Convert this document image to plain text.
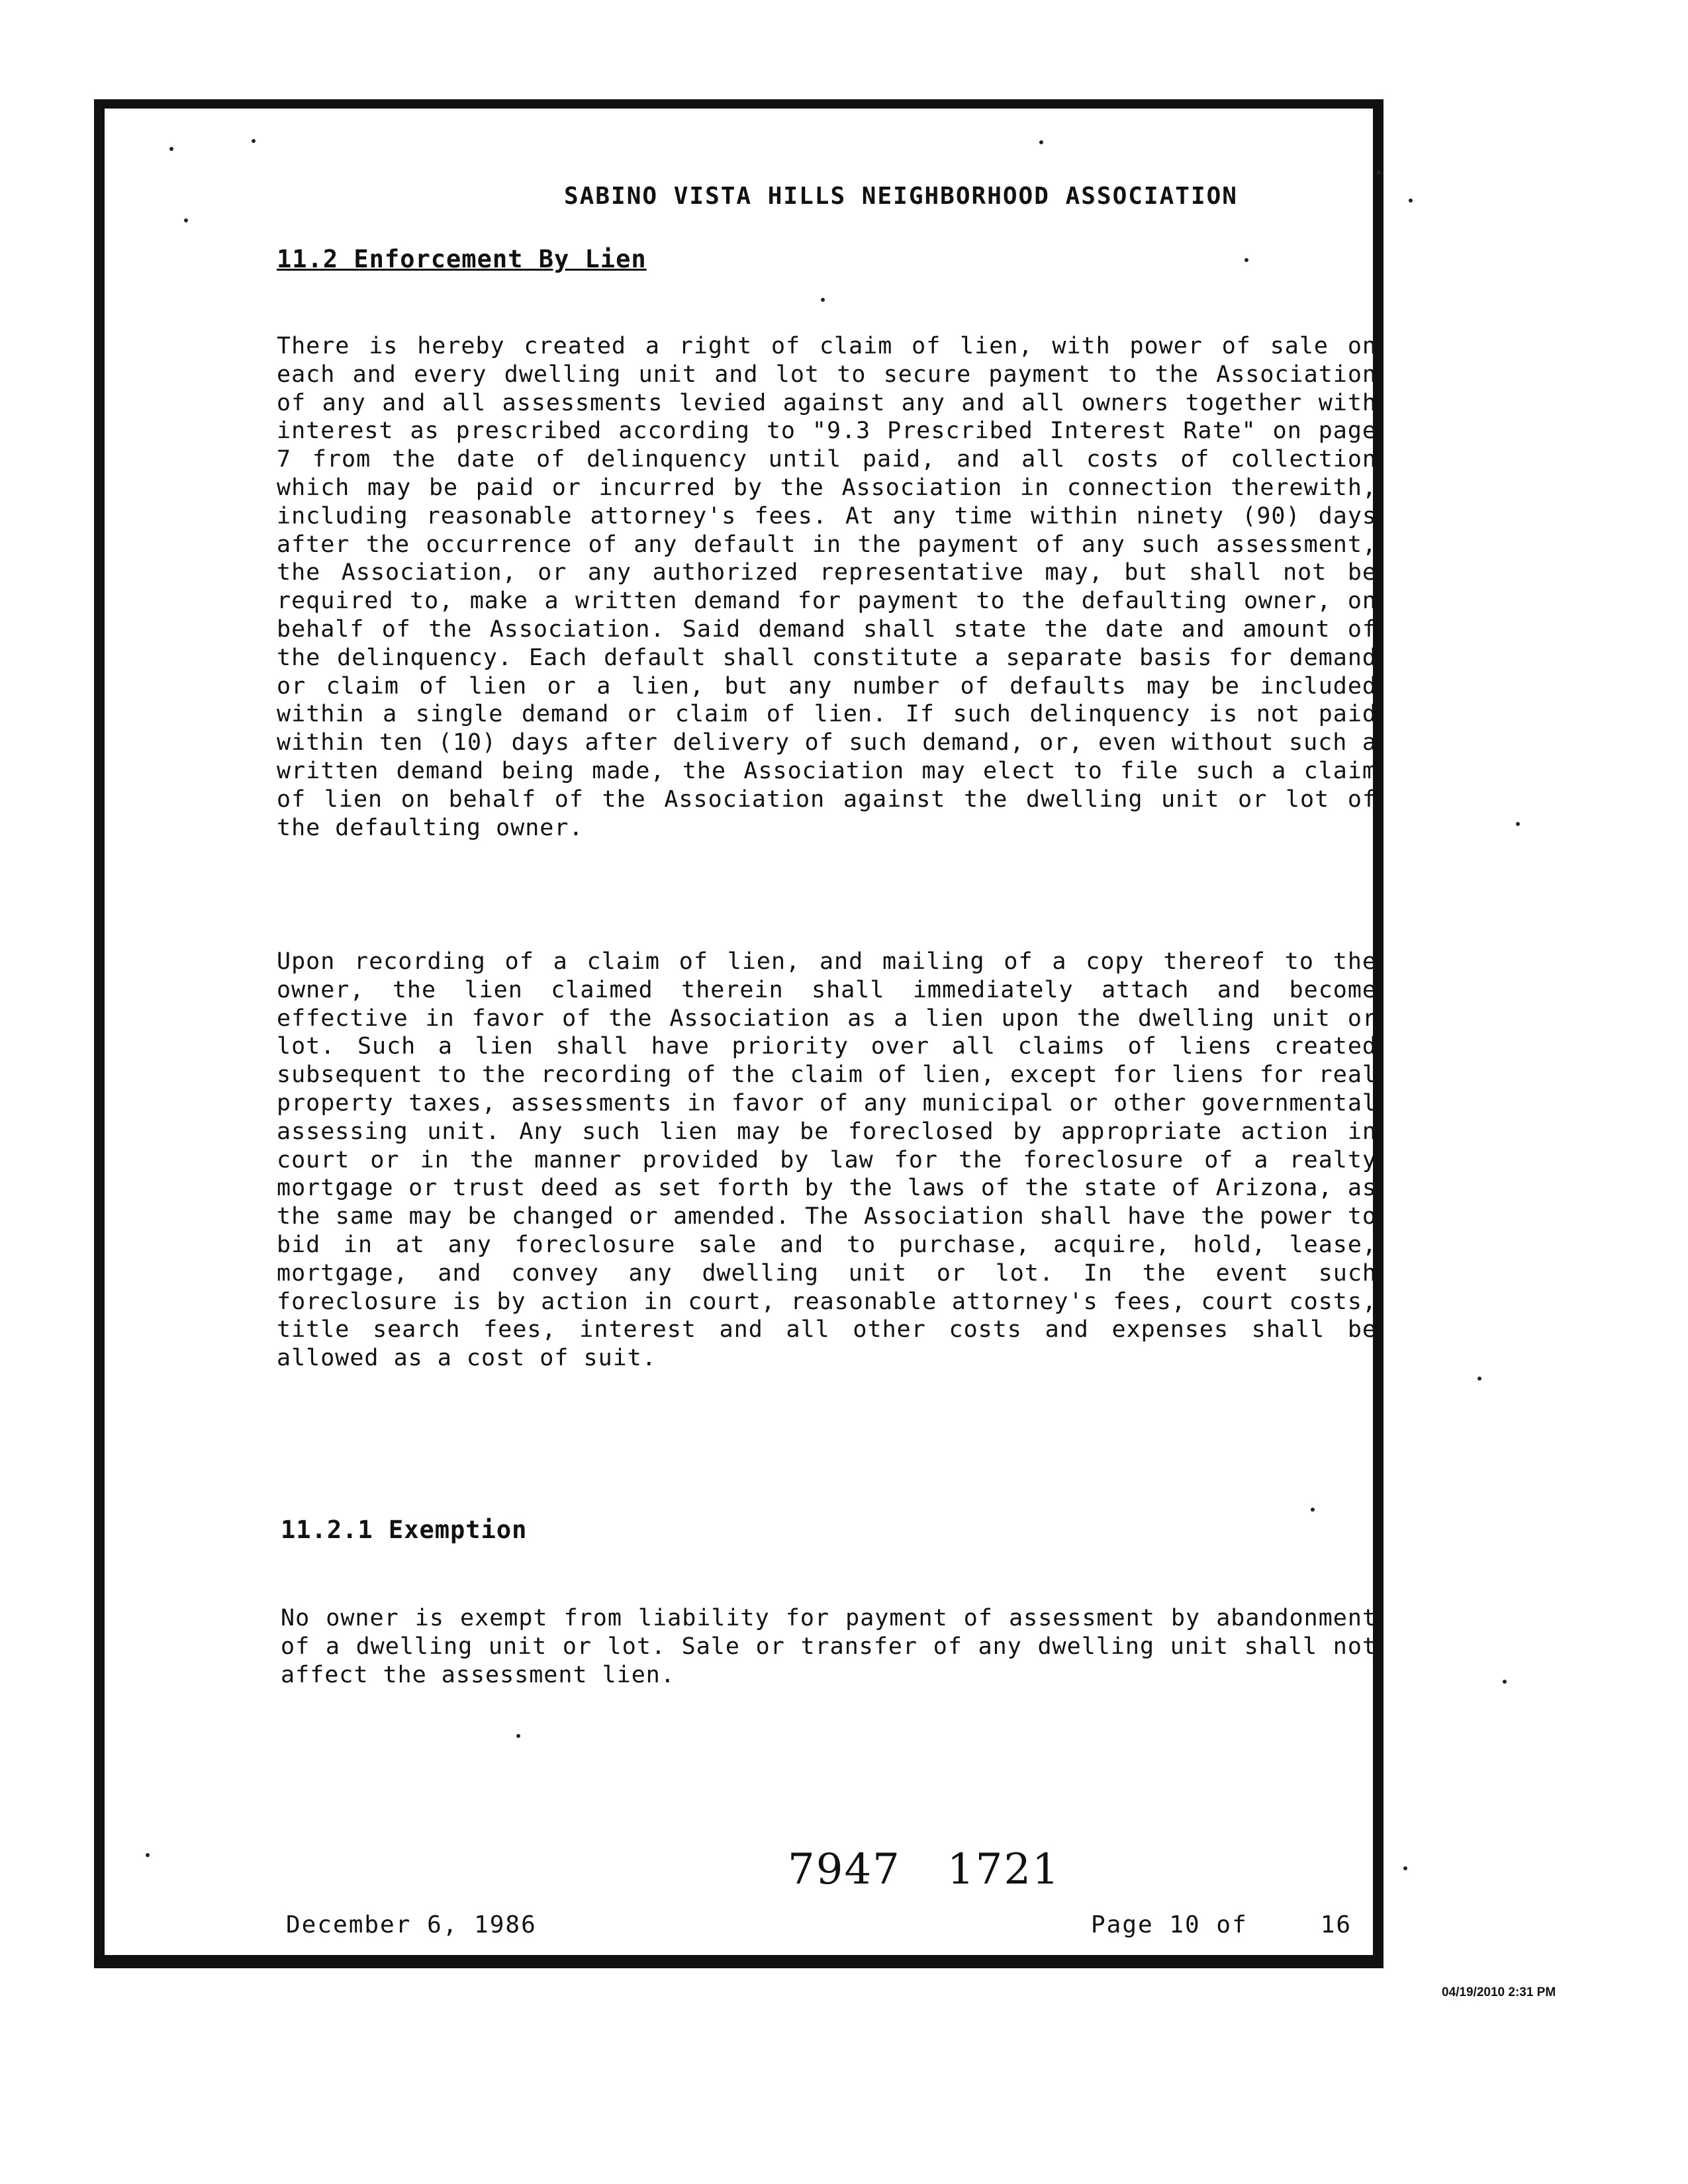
SABINO VISTA HILLS NEIGHBORHOOD ASSOCIATION
11.2 Enforcement By Lien
There is hereby created a right of claim of lien, with power of sale on each and every dwelling unit and lot to secure payment to the Association of any and all assessments levied against any and all owners together with interest as prescribed according to "9.3 Prescribed Interest Rate" on page 7 from the date of delinquency until paid, and all costs of collection which may be paid or incurred by the Association in connection therewith, including reasonable attorney's fees. At any time within ninety (90) days after the occurrence of any default in the payment of any such assessment, the Association, or any authorized representative may, but shall not be required to, make a written demand for payment to the defaulting owner, on behalf of the Association. Said demand shall state the date and amount of the delinquency. Each default shall constitute a separate basis for demand or claim of lien or a lien, but any number of defaults may be included within a single demand or claim of lien. If such delinquency is not paid within ten (10) days after delivery of such demand, or, even without such a written demand being made, the Association may elect to file such a claim of lien on behalf of the Association against the dwelling unit or lot of the defaulting owner.
Upon recording of a claim of lien, and mailing of a copy thereof to the owner, the lien claimed therein shall immediately attach and become effective in favor of the Association as a lien upon the dwelling unit or lot. Such a lien shall have priority over all claims of liens created subsequent to the recording of the claim of lien, except for liens for real property taxes, assessments in favor of any municipal or other governmental assessing unit. Any such lien may be foreclosed by appropriate action in court or in the manner provided by law for the foreclosure of a realty mortgage or trust deed as set forth by the laws of the state of Arizona, as the same may be changed or amended. The Association shall have the power to bid in at any foreclosure sale and to purchase, acquire, hold, lease, mortgage, and convey any dwelling unit or lot. In the event such foreclosure is by action in court, reasonable attorney's fees, court costs, title search fees, interest and all other costs and expenses shall be allowed as a cost of suit.
11.2.1 Exemption
No owner is exempt from liability for payment of assessment by abandonment of a dwelling unit or lot. Sale or transfer of any dwelling unit shall not affect the assessment lien.
7947 1721
December 6, 1986	Page 10 of	16
04/19/2010 2:31 PM
